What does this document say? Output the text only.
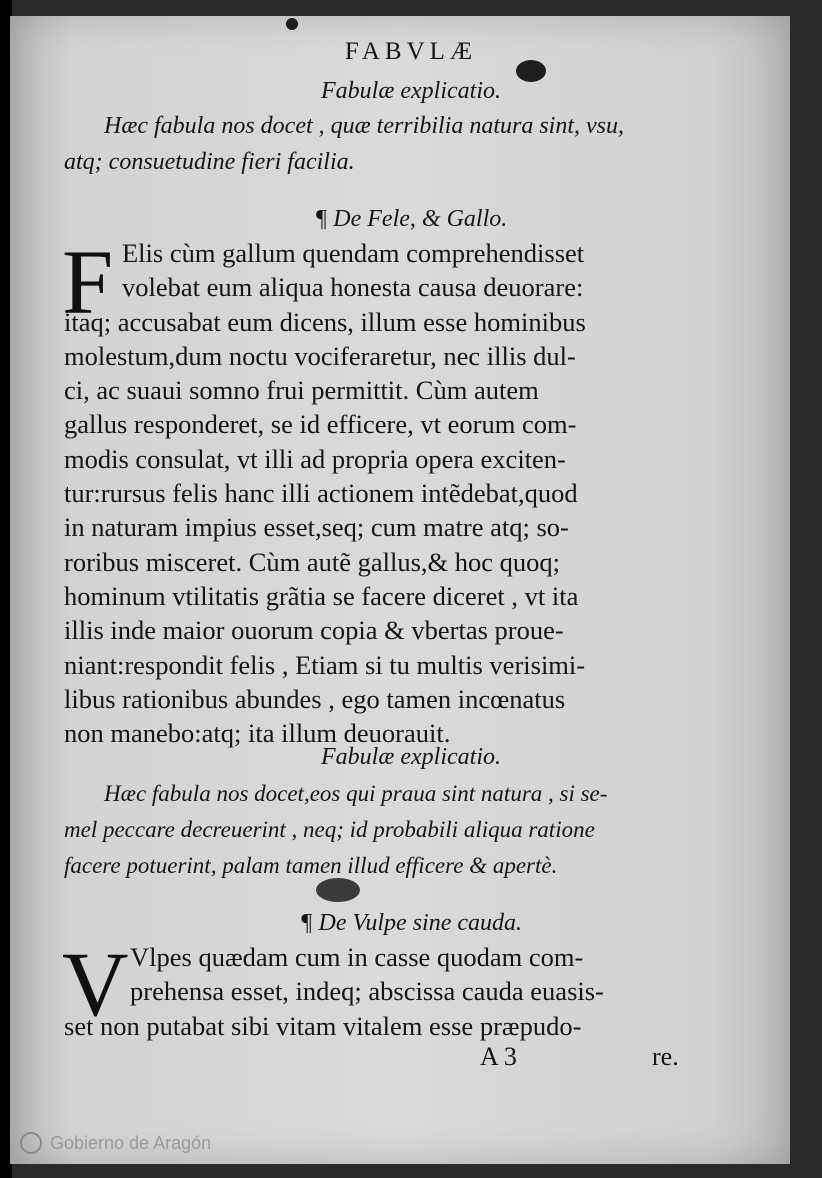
FABVLÆ
Fabulæ explicatio.
Hæc fabula nos docet , quæ terribilia natura sint, vsu,
atq; consuetudine fieri facilia.
¶ De Fele, & Gallo.
F Elis cùm gallum quendam comprehendisset
volebat eum aliqua honesta causa deuorare:
itaq; accusabat eum dicens, illum esse hominibus
molestum,dum noctu vociferaretur, nec illis dul-
ci, ac suaui somno frui permittit. Cùm autem
gallus responderet, se id efficere, vt eorum com-
modis consulat, vt illi ad propria opera exciten-
tur:rursus felis hanc illi actionem intẽdebat,quod
in naturam impius esset,seq; cum matre atq; so-
roribus misceret. Cùm autẽ gallus,& hoc quoq;
hominum vtilitatis grãtia se facere diceret , vt ita
illis inde maior ouorum copia & vbertas proue-
niant:respondit felis , Etiam si tu multis verisimi-
libus rationibus abundes , ego tamen incœnatus
non manebo:atq; ita illum deuorauit.
Fabulæ explicatio.
Hæc fabula nos docet,eos qui praua sint natura , si se-
mel peccare decreuerint , neq; id probabili aliqua ratione
facere potuerint, palam tamen illud efficere & apertè.
¶ De Vulpe sine cauda.
V Vlpes quædam cum in casse quodam com-
prehensa esset, indeq; abscissa cauda euasis-
set non putabat sibi vitam vitalem esse præpudo-
A 3	re.
Gobierno de Aragón
